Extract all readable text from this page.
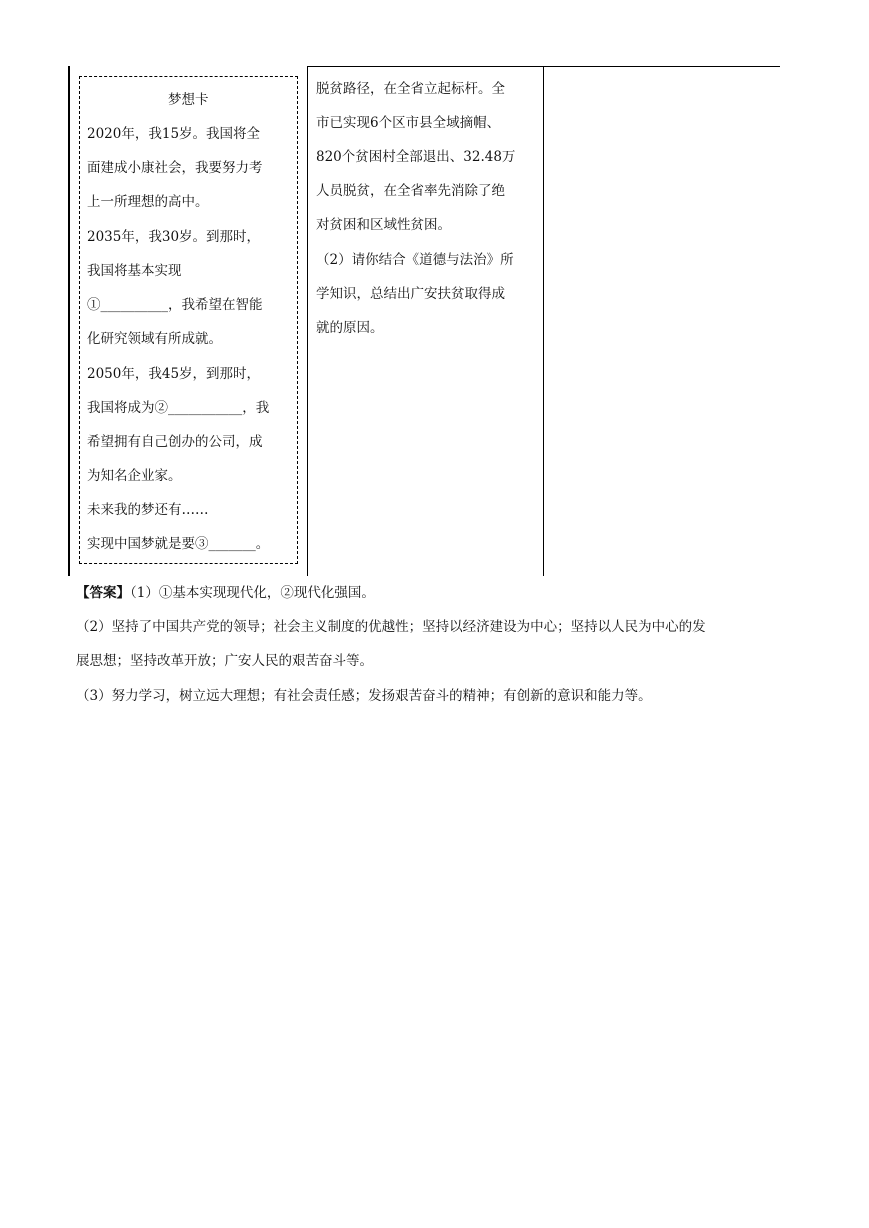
梦想卡
2020年，我15岁。我国将全
面建成小康社会，我要努力考
上一所理想的高中。
2035年，我30岁。到那时，
我国将基本实现
①__________，我希望在智能
化研究领域有所成就。
2050年，我45岁，到那时，
我国将成为②___________，我
希望拥有自己创办的公司，成
为知名企业家。
未来我的梦还有……
实现中国梦就是要③_______。
脱贫路径，在全省立起标杆。全
市已实现6个区市县全域摘帽、
820个贫困村全部退出、32.48万
人员脱贫，在全省率先消除了绝
对贫困和区域性贫困。
（2）请你结合《道德与法治》所
学知识，总结出广安扶贫取得成
就的原因。
【答案】（1）①基本实现现代化，②现代化强国。
（2）坚持了中国共产党的领导；社会主义制度的优越性；坚持以经济建设为中心；坚持以人民为中心的发
展思想；坚持改革开放；广安人民的艰苦奋斗等。
（3）努力学习，树立远大理想；有社会责任感；发扬艰苦奋斗的精神；有创新的意识和能力等。
